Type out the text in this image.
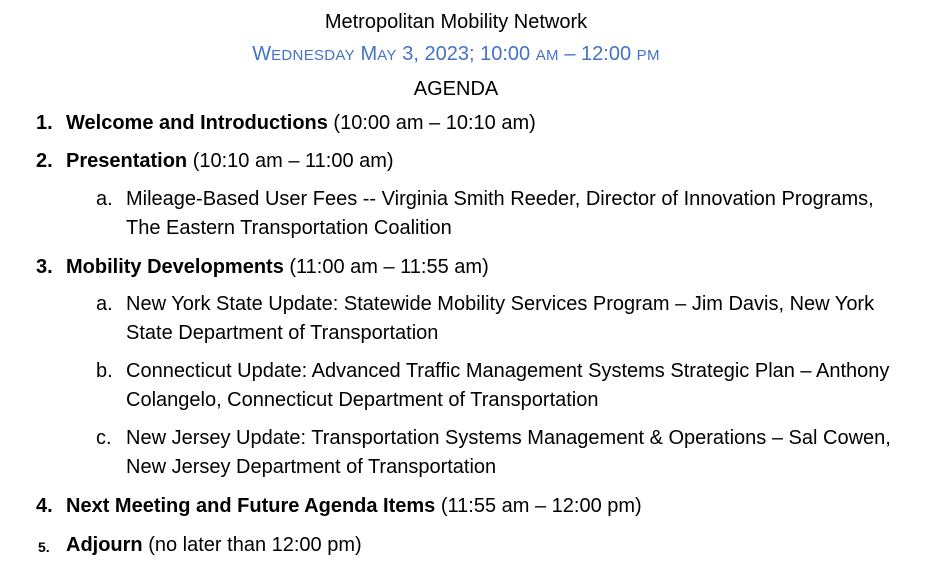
Metropolitan Mobility Network
WEDNESDAY MAY 3, 2023; 10:00 AM – 12:00 PM
AGENDA
1. Welcome and Introductions (10:00 am – 10:10 am)
2. Presentation (10:10 am – 11:00 am)
a. Mileage-Based User Fees -- Virginia Smith Reeder, Director of Innovation Programs, The Eastern Transportation Coalition
3. Mobility Developments (11:00 am – 11:55 am)
a. New York State Update: Statewide Mobility Services Program – Jim Davis, New York State Department of Transportation
b. Connecticut Update: Advanced Traffic Management Systems Strategic Plan – Anthony Colangelo, Connecticut Department of Transportation
c. New Jersey Update: Transportation Systems Management & Operations – Sal Cowen, New Jersey Department of Transportation
4. Next Meeting and Future Agenda Items (11:55 am – 12:00 pm)
5. Adjourn (no later than 12:00 pm)
